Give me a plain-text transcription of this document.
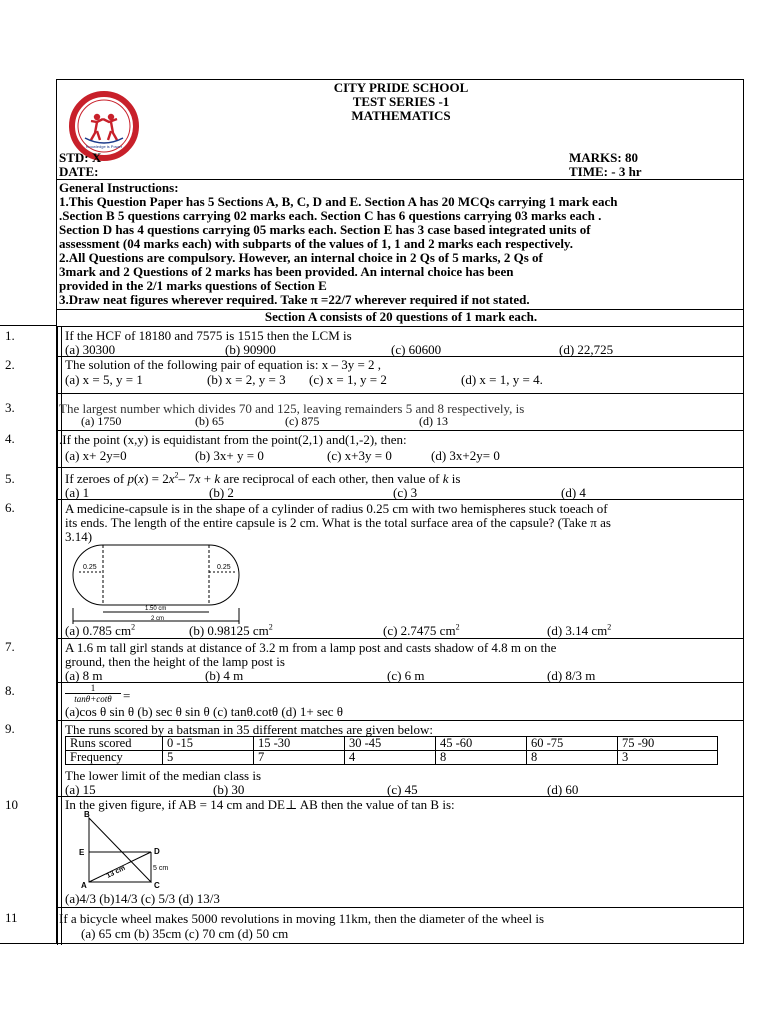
Knowledge is Power
CITY PRIDE SCHOOL
TEST SERIES -1
MATHEMATICS
STD: X	MARKS: 80
DATE:	TIME: - 3 hr
General Instructions:
1.This Question Paper has 5 Sections A, B, C, D and E. Section A has 20 MCQs carrying 1 mark each
.Section B 5 questions carrying 02 marks each. Section C has 6 questions carrying 03 marks each .
Section D has 4 questions carrying 05 marks each. Section E has 3 case based integrated units of
assessment (04 marks each) with subparts of the values of 1, 1 and 2 marks each respectively.
2.All Questions are compulsory. However, an internal choice in 2 Qs of 5 marks, 2 Qs of
3mark and 2 Questions of 2 marks has been provided. An internal choice has been
provided in the 2/1 marks questions of Section E
3.Draw neat figures wherever required. Take π =22/7 wherever required if not stated.
Section A consists of 20 questions of 1 mark each.
1.	If the HCF of 18180 and 7575 is 1515 then the LCM is
(a) 30300	(b) 90900	(c) 60600	(d) 22,725
2.	The solution of the following pair of equation is: x – 3y = 2 ,
(a) x = 5, y = 1	(b) x = 2, y = 3 (c) x = 1, y = 2	(d) x = 1, y = 4.
3.	The largest number which divides 70 and 125, leaving remainders 5 and 8 respectively, is
(a) 1750	(b) 65	(c) 875	(d) 13
4.	.If the point (x,y) is equidistant from the point(2,1) and(1,-2), then:
(a) x+ 2y=0	(b) 3x+ y = 0	(c) x+3y = 0	(d) 3x+2y= 0
5.	If zeroes of $p(x) = 2x^2-$ 7x + k are reciprocal of each other, then value of k is
(a) 1	(b) 2	(c) 3	(d) 4
6.	A medicine-capsule is in the shape of a cylinder of radius 0.25 cm with two hemispheres stuck toeach of
its ends. The length of the entire capsule is 2 cm. What is the total surface area of the capsule? (Take π as
3.14)
0.25	0.25
1.50 cm
2 cm
(a) 0.785 $cm^2$	(b) 0.98125 $cm^2$	(c) 2.7475 $cm^2$	(d) 3.14 $cm^2$
7.	A 1.6 m tall girl stands at distance of 3.2 m from a lamp post and casts shadow of 4.8 m on the
ground, then the height of the lamp post is
(a) 8 m	(b) 4 m	(c) 6 m	(d) 8/3 m
8.	$\frac{1}{\tan\theta+\cot\theta}$ =
(a)cos θ sin θ (b) sec θ sin θ (c) tanθ.cotθ (d) 1+ sec θ
9.	The runs scored by a batsman in 35 different matches are given below:
Runs scored	0 -15	15 -30	30 -45	45 -60	60 -75	75 -90
Frequency	5	7	4	8	8	3
The lower limit of the median class is
(a) 15	(b) 30	(c) 45	(d) 60
10	In the given figure, if AB = 14 cm and DE⊥ AB then the value of tan B is:
B
E	D
A	C
13 cm	5 cm
(a)4/3 (b)14/3 (c) 5/3 (d) 13/3
11	If a bicycle wheel makes 5000 revolutions in moving 11km, then the diameter of the wheel is
(a) 65 cm (b) 35cm (c) 70 cm (d) 50 cm
